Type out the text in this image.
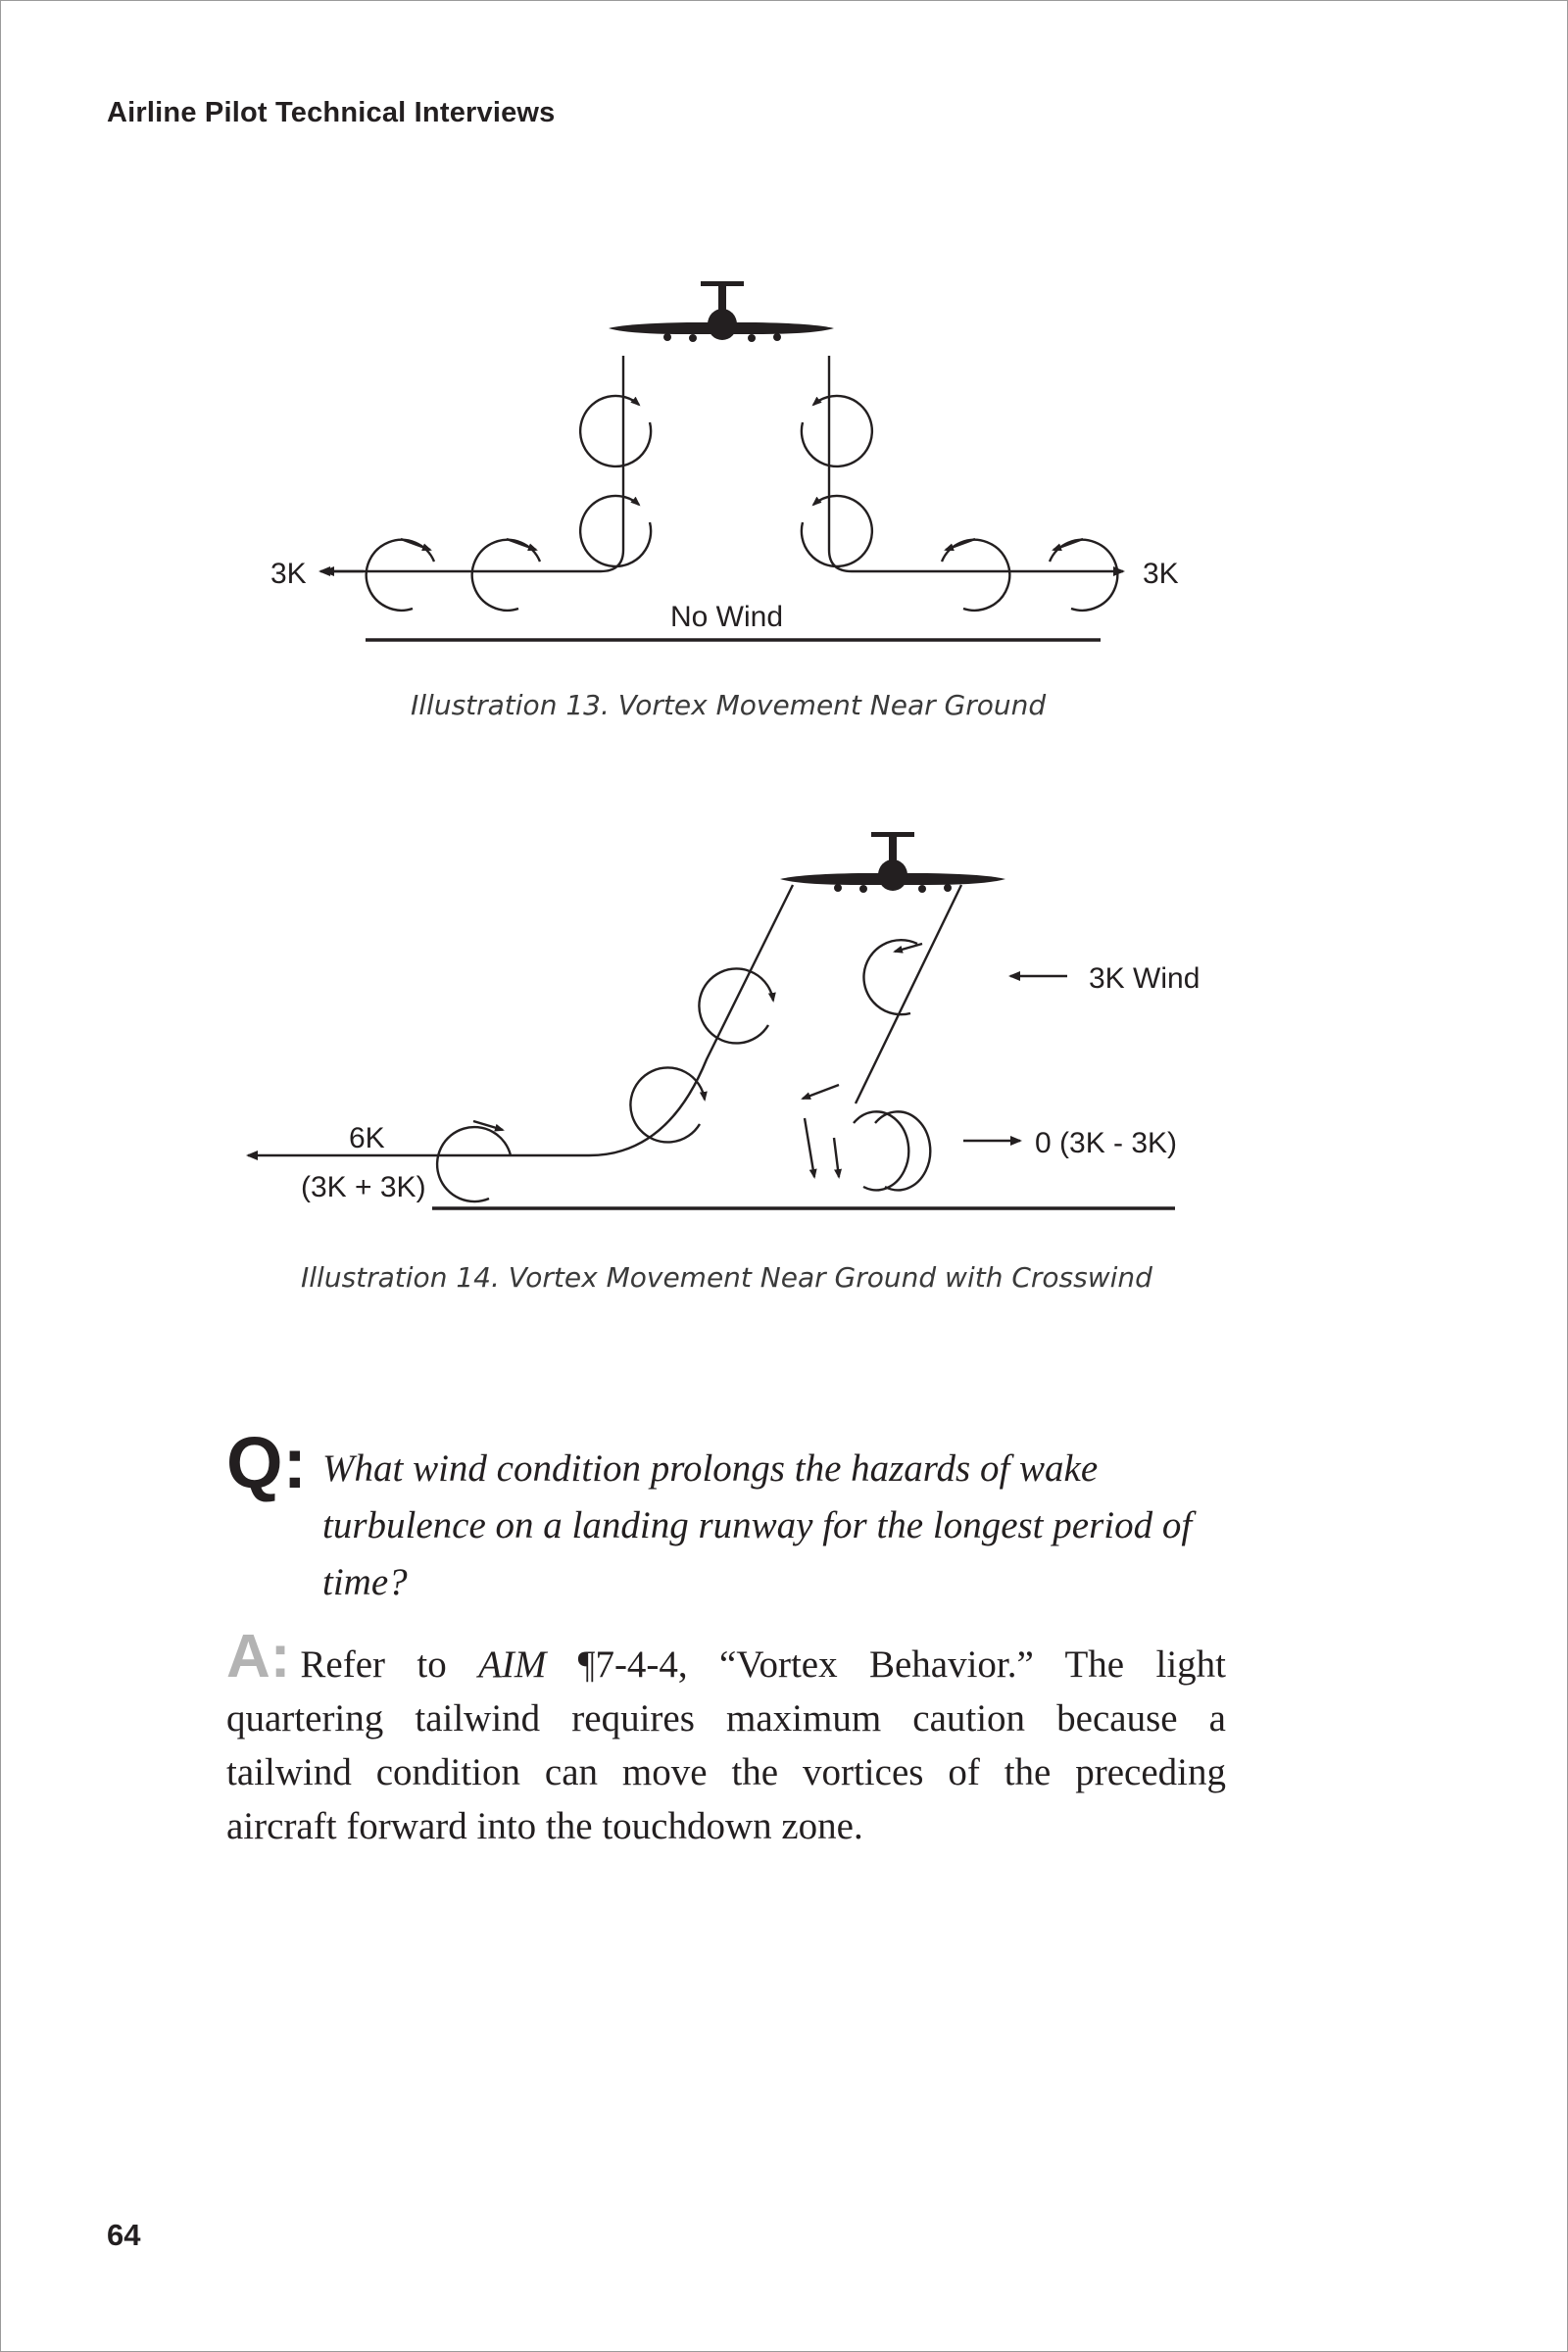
Airline Pilot Technical Interviews
3K	3K
No Wind
Illustration 13. Vortex Movement Near Ground
3K Wind
0 (3K - 3K)
6K
(3K + 3K)
Illustration 14. Vortex Movement Near Ground with Crosswind
Q: What wind condition prolongs the hazards of wake turbulence on a landing runway for the longest period of time?

A: Refer to AIM ¶7-4-4, “Vortex Behavior.” The light quartering tailwind requires maximum caution because a tailwind condition can move the vortices of the preceding aircraft forward into the touchdown zone.

64
